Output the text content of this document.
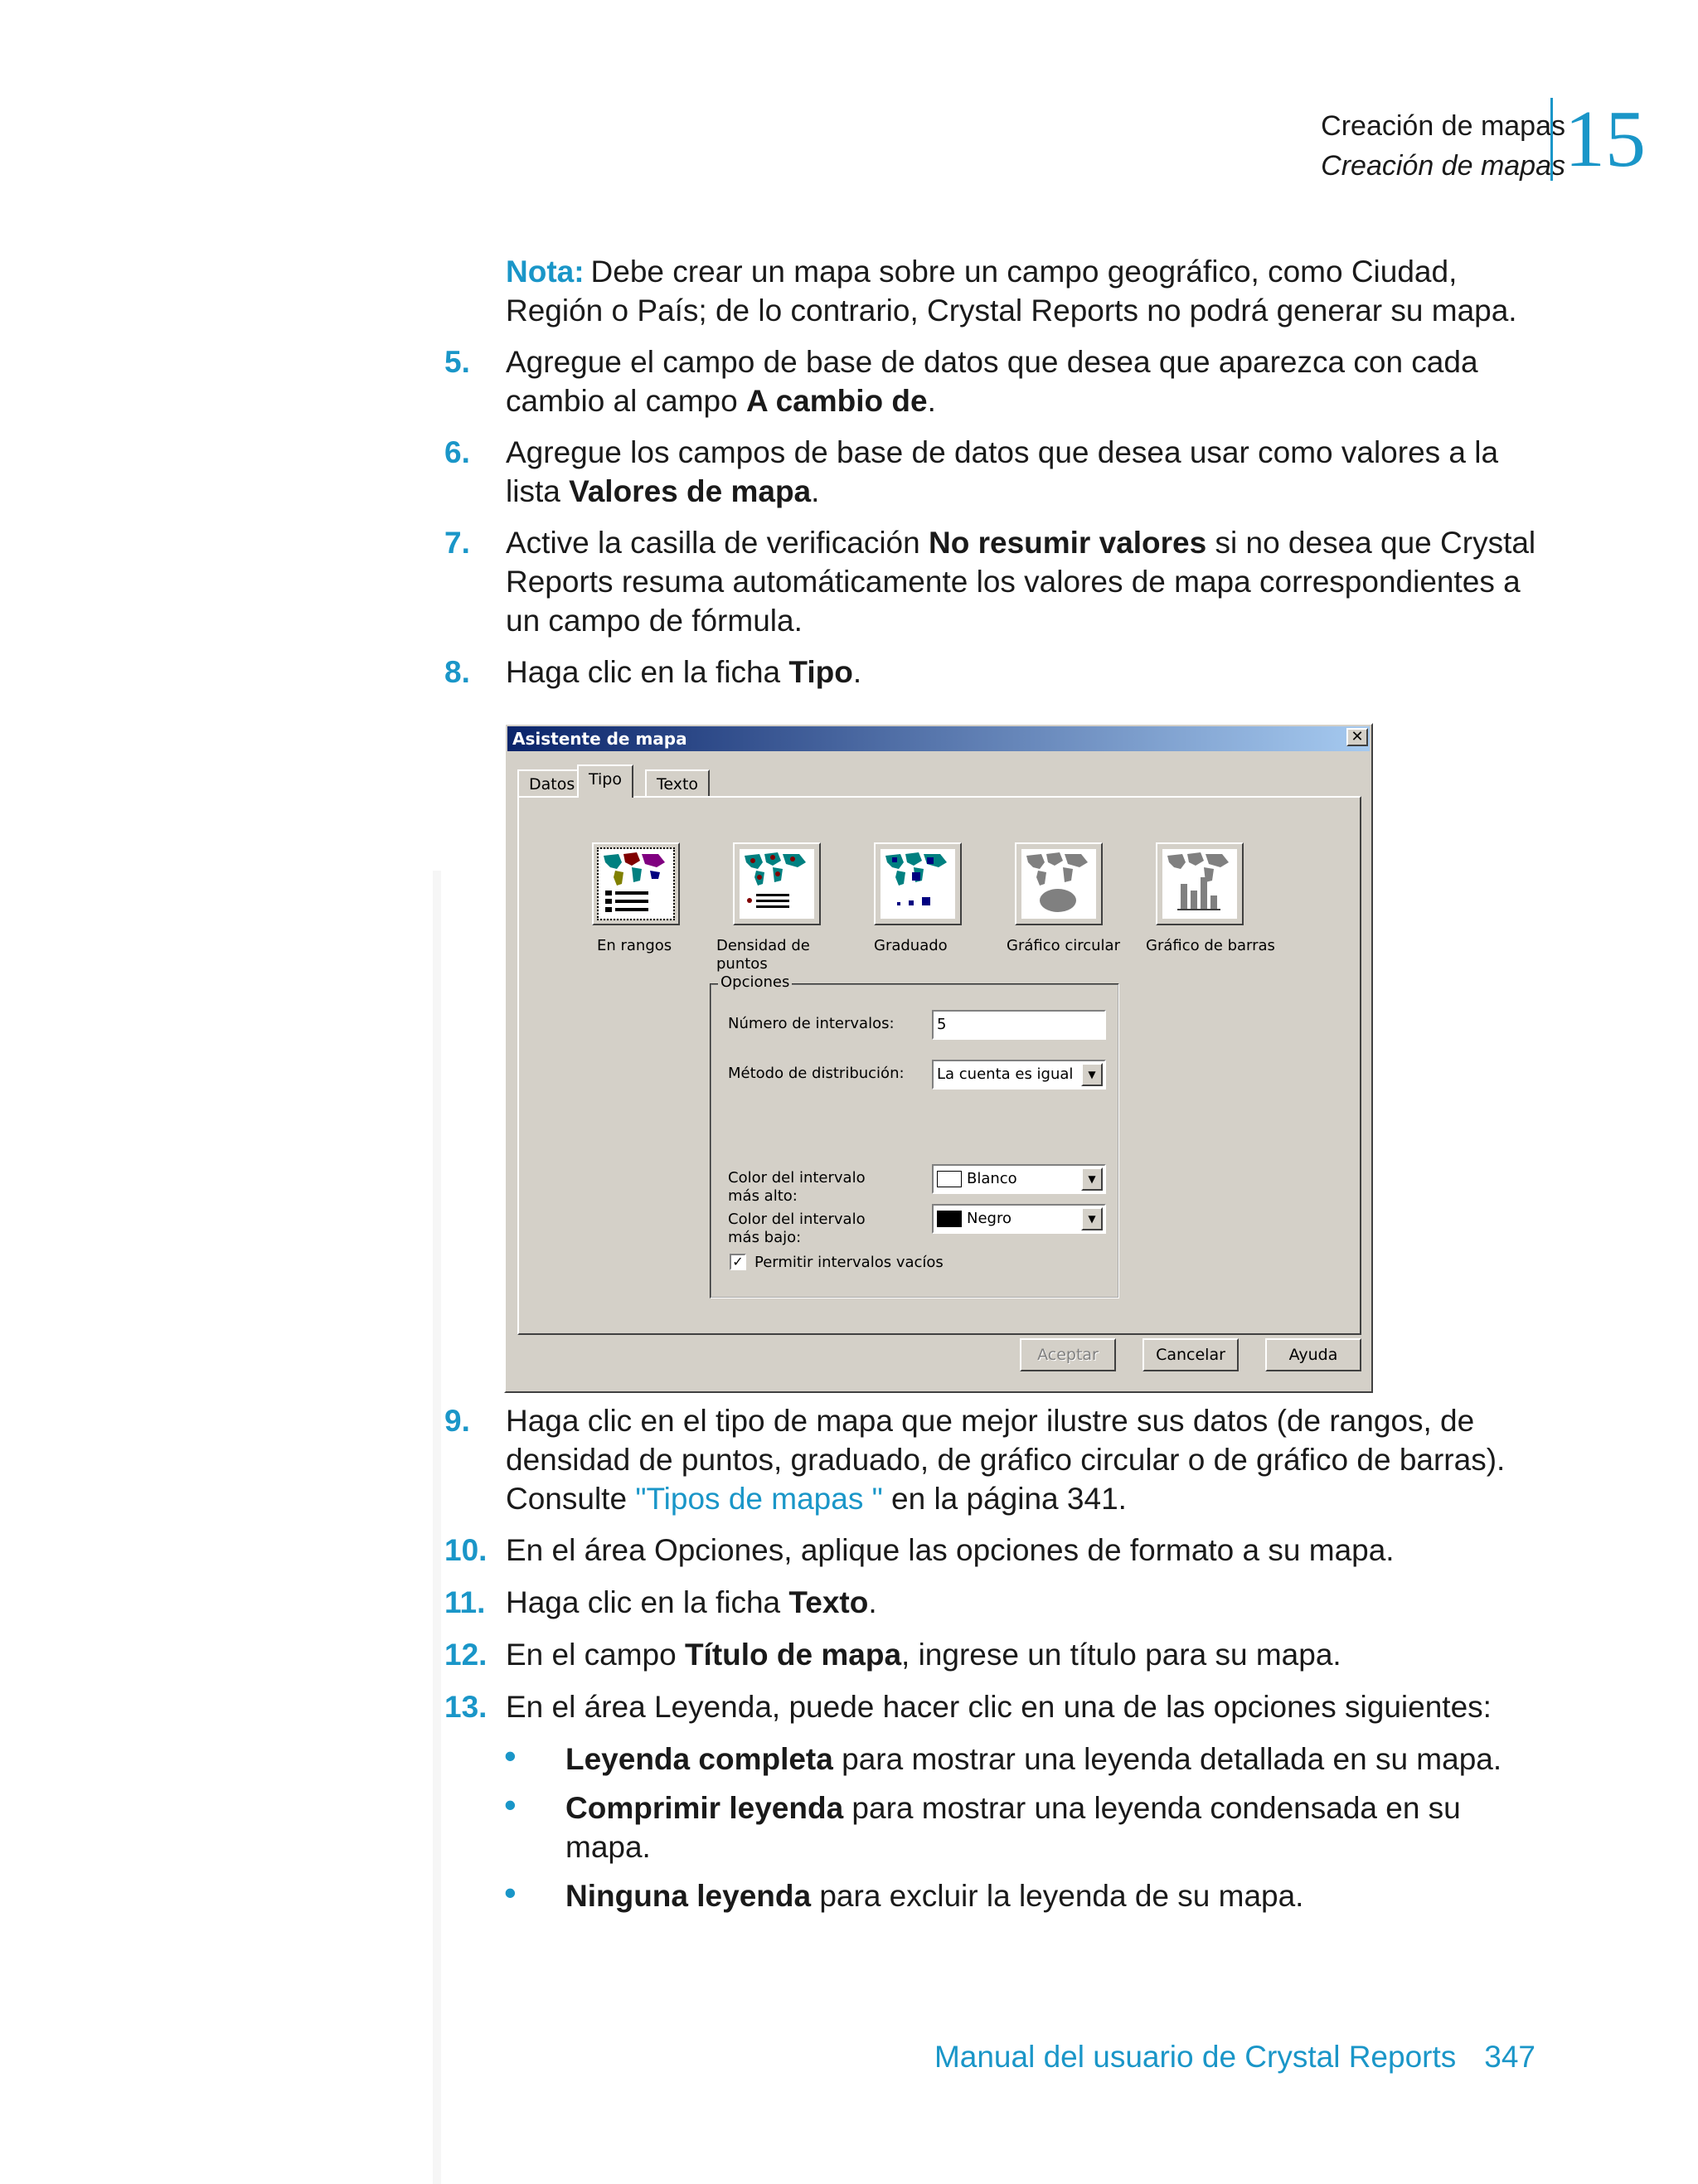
Creación de mapas
Creación de mapas 15
Nota: Debe crear un mapa sobre un campo geográfico, como Ciudad, Región o País; de lo contrario, Crystal Reports no podrá generar su mapa.
5. Agregue el campo de base de datos que desea que aparezca con cada cambio al campo A cambio de.
6. Agregue los campos de base de datos que desea usar como valores a la lista Valores de mapa.
7. Active la casilla de verificación No resumir valores si no desea que Crystal Reports resuma automáticamente los valores de mapa correspondientes a un campo de fórmula.
8. Haga clic en la ficha Tipo.
Asistente de mapa	✕
Datos Tipo	Texto
En rangos	Densidad de puntos
Graduado	Gráfico circular Gráfico de barras
Opciones
Número de intervalos:	5
Método de distribución:	La cuenta es igual	▼
Color del intervalo más alto:
Blanco	▼
Color del intervalo más bajo:
Negro	▼
✓ Permitir intervalos vacíos
Aceptar	Cancelar	Ayuda
9. Haga clic en el tipo de mapa que mejor ilustre sus datos (de rangos, de densidad de puntos, graduado, de gráfico circular o de gráfico de barras). Consulte "Tipos de mapas " en la página 341.
10. En el área Opciones, aplique las opciones de formato a su mapa.
11. Haga clic en la ficha Texto.
12. En el campo Título de mapa, ingrese un título para su mapa.
13. En el área Leyenda, puede hacer clic en una de las opciones siguientes:
• Leyenda completa para mostrar una leyenda detallada en su mapa.
• Comprimir leyenda para mostrar una leyenda condensada en su mapa.
• Ninguna leyenda para excluir la leyenda de su mapa.
Manual del usuario de Crystal Reports 347
